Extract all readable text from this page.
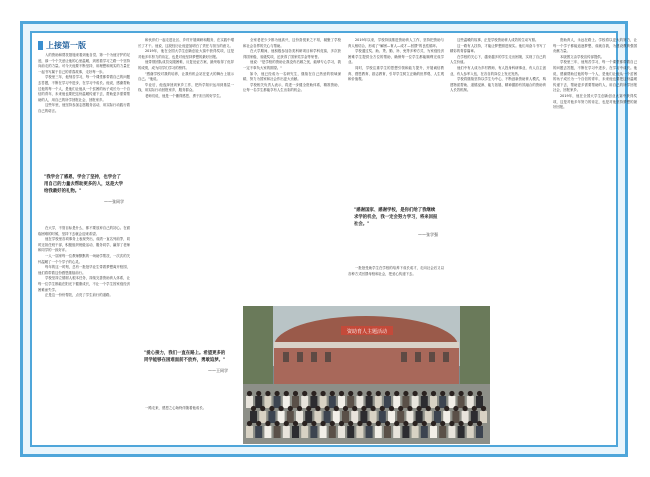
上接第一版

入的资助和帮扶措施来看到他自觉、第一个为他守护的足迹，那一个个关爱让他的心里温暖，到底看学习之路一个坚持向前走的力量。可今天他要不断坚持，用理想和现实的力量在一起书写属于自己的青春故事，走好每一步。

学校里三年，他刻苦学习，每一个课堂都带着自己的问题去答题，不断在学习中进步，在学习中成长。他说，感谢帮助过他的每一个人，是他们让他从一个贫困的孩子成长为一个自信的青年，未来他也要把这份温暖传递下去，帮助更多需要帮助的人，用自己的所学回报社会，回报家乡。

这些年里，他坚持参加志愿服务活动，用实际行动践行着自己的诺言。

"我学会了感恩，学会了坚持，也学会了用自己的力量去帮助更多的人，这是大学给我最好的礼物。"
——张同学

在大学，不管目标是什么，都不要放弃自己的初心。在面临困难的时候，坚持下去就会迎来希望。

他在学校里各项事务上表现突出，成绩一直名列前茅，同时还担任班干部，积极组织班级活动，服务同学，赢得了老师和同学的一致好评。

一人一届家每一位教师默默的一场助学帮扶，一次次的关怀温暖了一个个学子的心灵。

每年的这一时刻，总有一批批毕业生带着梦想离开校园，他们将带着这份感恩继续前行。

学校坚持立德树人根本任务，持续完善资助育人体系，让每一位学生都能在阳光下健康成长，不让一个学生因家庭经济困难而失学。

正是这一份份帮扶，点亮了学生前行的道路。

和伙伴们一起走进社区、乡村开展调研和服务，在实践中增长了才干。他说，这段经历让他更加明白了责任与担当的意义。

2019年，他在全国大学生创新创业大赛中获得奖项，这是对他多年努力的肯定，也是对他坚持梦想的最好回报。

他带领团队成员克服困难，反复论证方案，最终取得了优异的成绩，成为同学们学习的榜样。

"感谢学校对我的培养，让我有机会站在更大的舞台上展示自己。"他说。

毕业后，他选择回到家乡工作，把所学知识运用到基层一线，用实际行动回报家乡，服务群众。

老师们说，他是一个懂得感恩、勇于担当的好学生。

"爱心接力，我们一直在路上。希望更多的同学能够在困难面前不放弃，勇敢追梦。"
——王同学

一路走来，感恩之心始终伴随着他成长。

全家老老少少都为他高兴，这份喜悦来之不易，凝聚了学校和社会各界的关心与帮助。

在大学期间，他积极参加各类科研项目和学科竞赛，多次获得国家级、省级奖项，还获得了国家奖学金等荣誉。

他说："是学校的资助让我没有后顾之忧，能够专心学习，我一定不辜负大家的期望。"

如今，他已经成为一名研究生，继续在自己热爱的领域深耕，努力为国家和社会作出更大贡献。

学校相关负责人表示，将进一步健全资助体系，精准资助，让每一名学生都能享有人生出彩的机会。

2019年以来，学校持续推进资助育人工作，坚持把资助与育人相结合，形成了"解困—育人—成才—回馈"的良性循环。

学校通过奖、助、贷、勤、补、免等多种方式，为家庭经济困难学生提供全方位的帮助，确保每一位学生都能顺利完成学业。

同时，学校注重学生的思想引领和能力提升，开展诚信教育、感恩教育、励志教育，引导学生树立正确的世界观、人生观和价值观。

"感谢国家、感谢学校，是你们给了我继续求学的机会，我一定会努力学习，将来回报社会。"
——张学强

一批批受助学生在学校的培养下成长成才，走向社会后又以各种方式回馈母校和社会，把爱心传递下去。

这些温暖的故事，正是学校资助育人成效的生动写照。

这一路有人扶持，才能让梦想照进现实。他们用奋斗书写了精彩的青春篇章。

在学校的关心下，越来越多的学生走出困境，实现了自己的人生价值。

他们中有人成为乡村教师，有人投身科研事业，有人自主创业，有人参军入伍，在各自的岗位上发光发热。

学校将继续坚持以学生为中心，不断创新资助育人模式，构建物质帮助、道德浸润、能力拓展、精神激励有效融合的资助育人长效机制。

资助育人，永远在路上。学校将以更大的努力，让每一个学子都能追逐梦想、成就自我，为建设教育强国贡献力量。

本版图文由学校宣传部提供。

学校里三年，他刻苦学习，每一个课堂都带着自己的问题去答题，不断在学习中进步，在学习中成长。他说，感谢帮助过他的每一个人，是他们让他从一个贫困的孩子成长为一个自信的青年，未来他也要把这份温暖传递下去，帮助更多需要帮助的人，用自己的所学回报社会，回报家乡。

2019年，他在全国大学生创新创业大赛中获得奖项，这是对他多年努力的肯定，也是对他坚持梦想的最好回报。

资助育人主题活动
